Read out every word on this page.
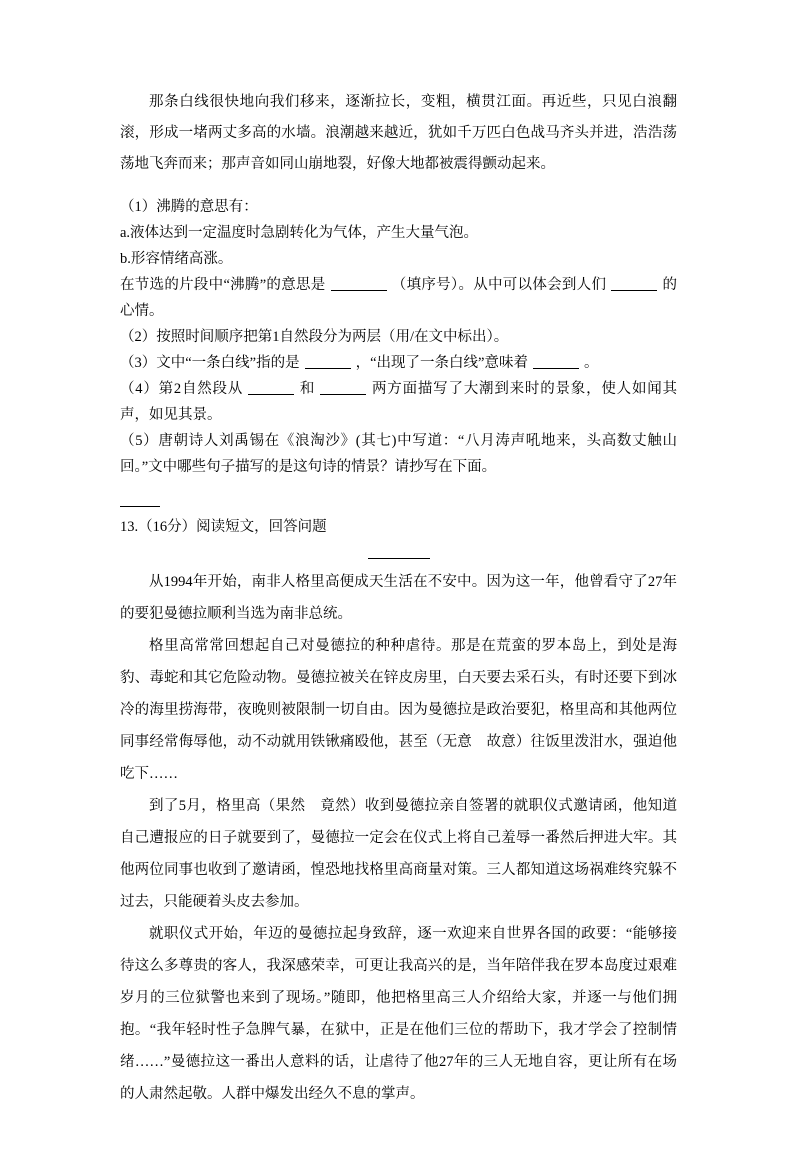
那条白线很快地向我们移来，逐渐拉长，变粗，横贯江面。再近些，只见白浪翻滚，形成一堵两丈多高的水墙。浪潮越来越近，犹如千万匹白色战马齐头并进，浩浩荡荡地飞奔而来；那声音如同山崩地裂，好像大地都被震得颤动起来。

（1）沸腾的意思有：

a.液体达到一定温度时急剧转化为气体，产生大量气泡。

b.形容情绪高涨。

在节选的片段中“沸腾”的意思是	（填序号）。从中可以体会到人们	的心情。

（2）按照时间顺序把第1自然段分为两层（用/在文中标出）。

（3）文中“一条白线”指的是	，“出现了一条白线”意味着	。

（4）第2自然段从	和	两方面描写了大潮到来时的景象，使人如闻其声，如见其景。

（5）唐朝诗人刘禹锡在《浪淘沙》(其七)中写道：“八月涛声吼地来，头高数丈触山回。”文中哪些句子描写的是这句诗的情景？请抄写在下面。

13.（16分）阅读短文，回答问题

从1994年开始，南非人格里高便成天生活在不安中。因为这一年，他曾看守了27年的要犯曼德拉顺利当选为南非总统。

格里高常常回想起自己对曼德拉的种种虐待。那是在荒蛮的罗本岛上，到处是海豹、毒蛇和其它危险动物。曼德拉被关在锌皮房里，白天要去采石头，有时还要下到冰冷的海里捞海带，夜晚则被限制一切自由。因为曼德拉是政治要犯，格里高和其他两位同事经常侮辱他，动不动就用铁锹痛殴他，甚至（无意　故意）往饭里泼泔水，强迫他吃下……

到了5月，格里高（果然　竟然）收到曼德拉亲自签署的就职仪式邀请函，他知道自己遭报应的日子就要到了，曼德拉一定会在仪式上将自己羞辱一番然后押进大牢。其他两位同事也收到了邀请函，惶恐地找格里高商量对策。三人都知道这场祸难终究躲不过去，只能硬着头皮去参加。

就职仪式开始，年迈的曼德拉起身致辞，逐一欢迎来自世界各国的政要：“能够接待这么多尊贵的客人，我深感荣幸，可更让我高兴的是，当年陪伴我在罗本岛度过艰难岁月的三位狱警也来到了现场。”随即，他把格里高三人介绍给大家，并逐一与他们拥抱。“我年轻时性子急脾气暴，在狱中，正是在他们三位的帮助下，我才学会了控制情绪……”曼德拉这一番出人意料的话，让虐待了他27年的三人无地自容，更让所有在场的人肃然起敬。人群中爆发出经久不息的掌声。
